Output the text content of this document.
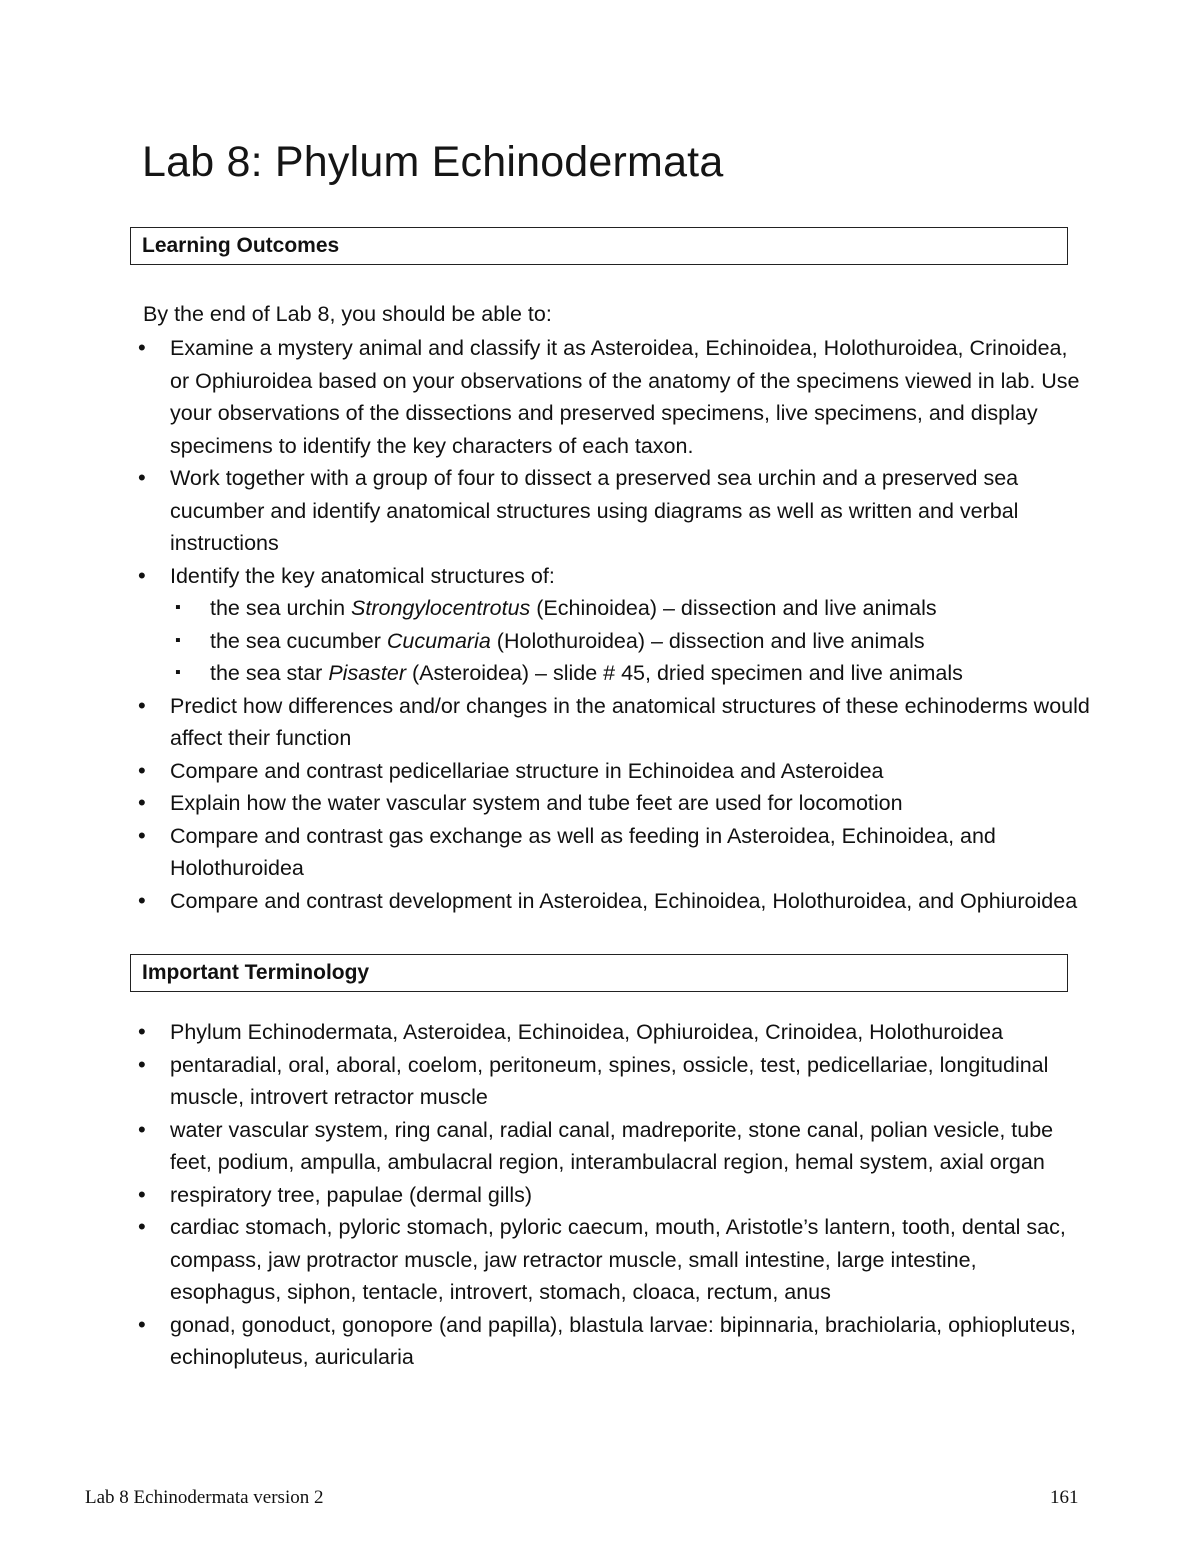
Lab 8: Phylum Echinodermata
Learning Outcomes
By the end of Lab 8, you should be able to:
• Examine a mystery animal and classify it as Asteroidea, Echinoidea, Holothuroidea, Crinoidea, or Ophiuroidea based on your observations of the anatomy of the specimens viewed in lab. Use your observations of the dissections and preserved specimens, live specimens, and display specimens to identify the key characters of each taxon.
• Work together with a group of four to dissect a preserved sea urchin and a preserved sea cucumber and identify anatomical structures using diagrams as well as written and verbal instructions
• Identify the key anatomical structures of:
▪ the sea urchin Strongylocentrotus (Echinoidea) – dissection and live animals
▪ the sea cucumber Cucumaria (Holothuroidea) – dissection and live animals
▪ the sea star Pisaster (Asteroidea) – slide # 45, dried specimen and live animals
• Predict how differences and/or changes in the anatomical structures of these echinoderms would affect their function
• Compare and contrast pedicellariae structure in Echinoidea and Asteroidea
• Explain how the water vascular system and tube feet are used for locomotion
• Compare and contrast gas exchange as well as feeding in Asteroidea, Echinoidea, and Holothuroidea
• Compare and contrast development in Asteroidea, Echinoidea, Holothuroidea, and Ophiuroidea
Important Terminology
• Phylum Echinodermata, Asteroidea, Echinoidea, Ophiuroidea, Crinoidea, Holothuroidea
• pentaradial, oral, aboral, coelom, peritoneum, spines, ossicle, test, pedicellariae, longitudinal muscle, introvert retractor muscle
• water vascular system, ring canal, radial canal, madreporite, stone canal, polian vesicle, tube feet, podium, ampulla, ambulacral region, interambulacral region, hemal system, axial organ
• respiratory tree, papulae (dermal gills)
• cardiac stomach, pyloric stomach, pyloric caecum, mouth, Aristotle’s lantern, tooth, dental sac, compass, jaw protractor muscle, jaw retractor muscle, small intestine, large intestine, esophagus, siphon, tentacle, introvert, stomach, cloaca, rectum, anus
• gonad, gonoduct, gonopore (and papilla), blastula larvae: bipinnaria, brachiolaria, ophiopluteus, echinopluteus, auricularia
Lab 8 Echinodermata version 2	161
